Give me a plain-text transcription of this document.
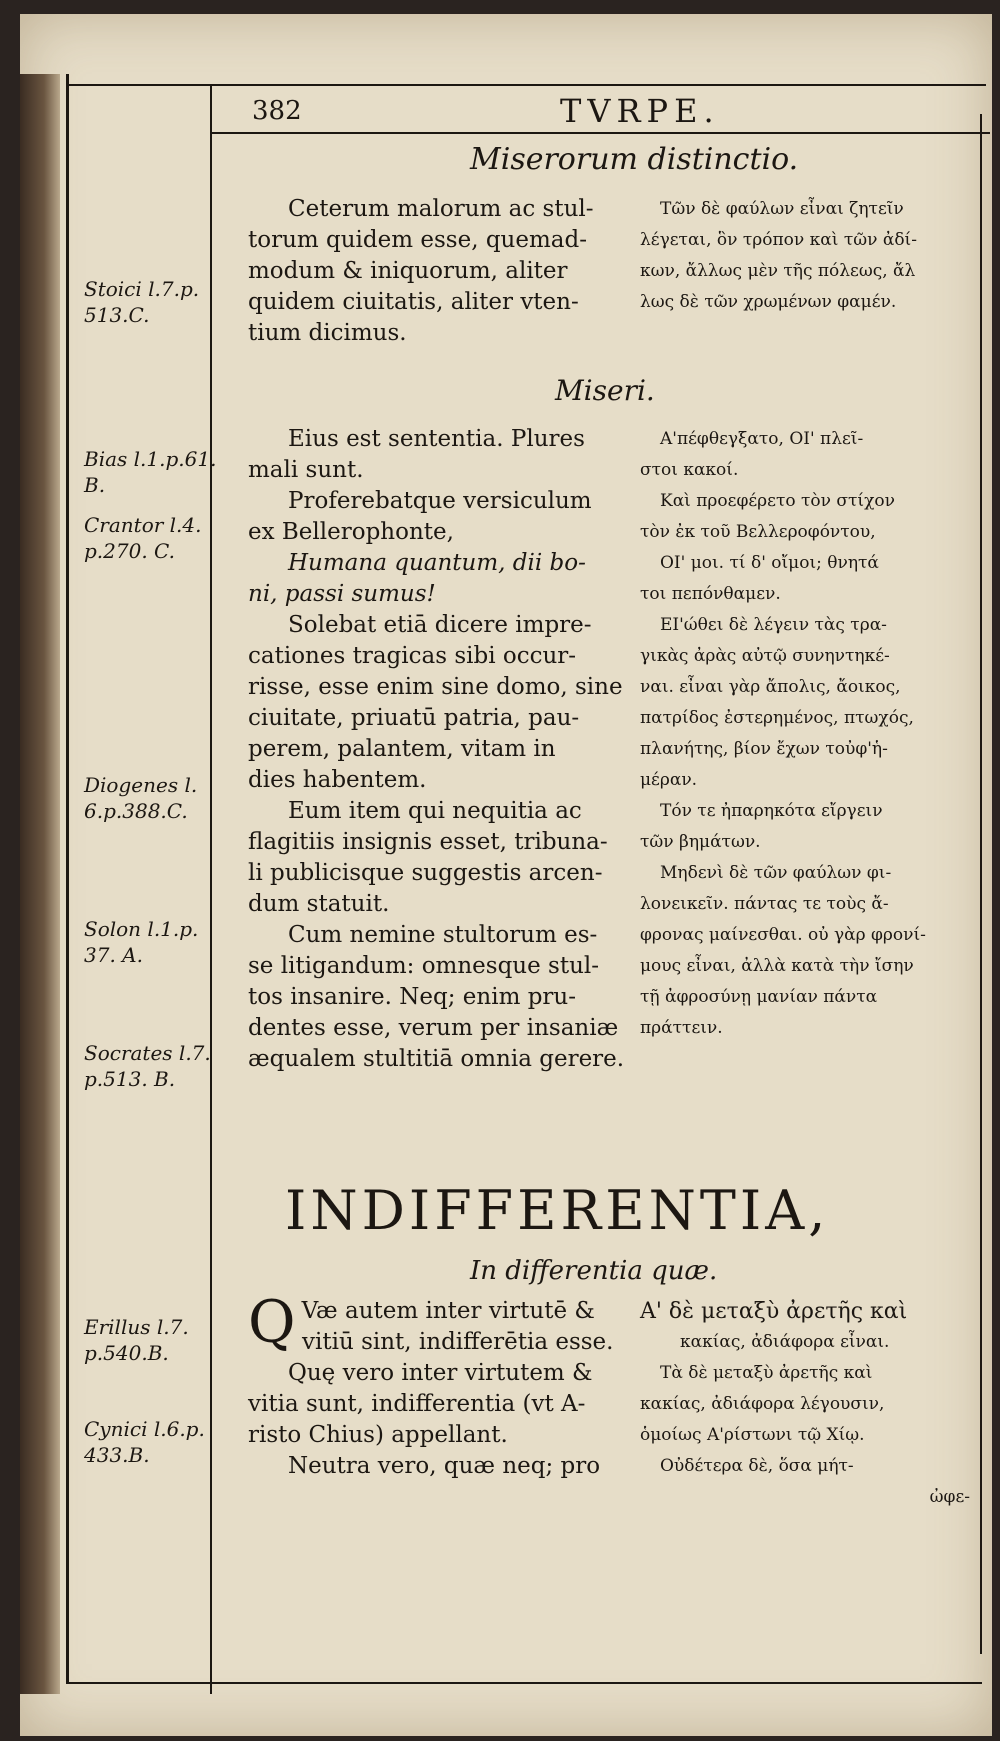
382	TVRPE.
Miserorum distinctio.
Stoici l.7.p. 513.C.
Ceterum malorum ac stul-
torum quidem esse, quemad-
modum & iniquorum, aliter
quidem ciuitatis, aliter vten-
tium dicimus.
Τῶν δὲ φαύλων εἶναι ζητεῖν
λέγεται, ὃν τρόπον καὶ τῶν ἀδί-
κων, ἄλλως μὲν τῆς πόλεως, ἄλ
λως δὲ τῶν χρωμένων φαμέν.
Miseri.
Bias l.1.p.61. B.
Crantor l.4. p.270. C.
Diogenes l. 6.p.388.C.
Solon l.1.p. 37. A.
Socrates l.7. p.513. B.
Eius est sententia. Plures
mali sunt.
Proferebatque versiculum
ex Bellerophonte,
Humana quantum, dii bo-
ni, passi sumus!
Solebat etiā dicere impre-
cationes tragicas sibi occur-
risse, esse enim sine domo, sine
ciuitate, priuatū patria, pau-
perem, palantem, vitam in
dies habentem.
Eum item qui nequitia ac
flagitiis insignis esset, tribuna-
li publicisque suggestis arcen-
dum statuit.
Cum nemine stultorum es-
se litigandum: omnesque stul-
tos insanire. Neq; enim pru-
dentes esse, verum per insaniæ
æqualem stultitiā omnia gerere.
Α'πέφθεγξατο, ΟΙ' πλεῖ-
στοι κακοί.
Καὶ προεφέρετο τὸν στίχον
τὸν ἐκ τοῦ Βελλεροφόντου,
ΟΙ' μοι. τί δ' οἴμοι; θνητά
τοι πεπόνθαμεν.
ΕΙ'ώθει δὲ λέγειν τὰς τρα-
γικὰς ἀρὰς αὐτῷ συνηντηκέ-
ναι. εἶναι γὰρ ἄπολις, ἄοικος,
πατρίδος ἐστερημένος, πτωχός,
πλανήτης, βίον ἔχων τοὐφ'ἡ-
μέραν.
Τόν τε ἠπαρηκότα εἴργειν
τῶν βημάτων.
Μηδενὶ δὲ τῶν φαύλων φι-
λονεικεῖν. πάντας τε τοὺς ἄ-
φρονας μαίνεσθαι. οὐ γὰρ φρονί-
μους εἶναι, ἀλλὰ κατὰ τὴν ἴσην
τῇ ἀφροσύνῃ μανίαν πάντα
πράττειν.
INDIFFERENTIA,
In differentia quæ.
Erillus l.7. p.540.B.
Cynici l.6.p. 433.B.
Q Væ autem inter virtutē &
vitiū sint, indifferētia esse.
Quę vero inter virtutem &
vitia sunt, indifferentia (vt A-
risto Chius) appellant.
Neutra vero, quæ neq; pro
Α' δὲ μεταξὺ ἀρετῆς καὶ
κακίας, ἀδιάφορα εἶναι.
Τὰ δὲ μεταξὺ ἀρετῆς καὶ
κακίας, ἀδιάφορα λέγουσιν,
ὁμοίως Α'ρίστωνι τῷ Χίῳ.
Οὐδέτερα δὲ, ὅσα μήτ-
ὠφε-
